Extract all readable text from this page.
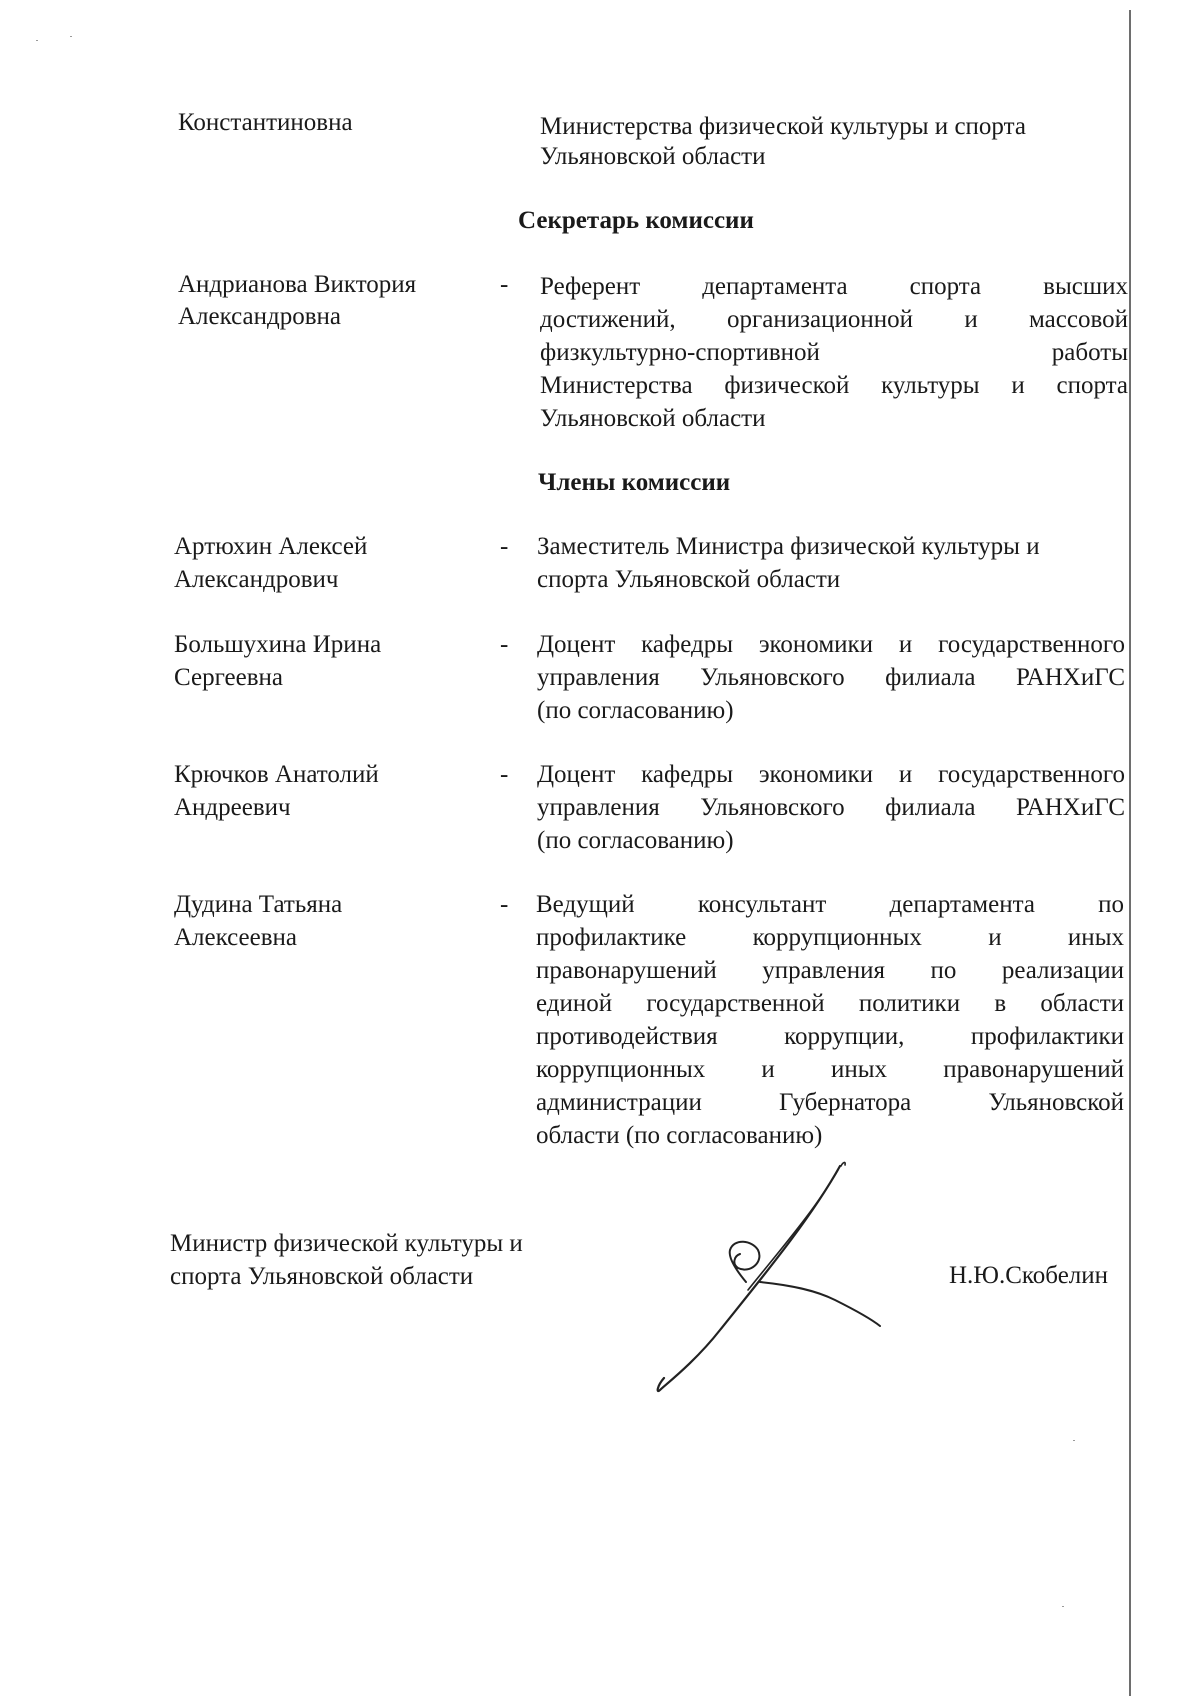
Константиновна	Министерства физической культуры и спорта
Ульяновской области
Секретарь комиссии
Андрианова Виктория
Александровна
- Референт департамента спорта высших
достижений, организационной и массовой
физкультурно-спортивной работы
Министерства физической культуры и спорта
Ульяновской области
Члены комиссии
Артюхин Алексей
Александрович
- Заместитель Министра физической культуры и
спорта Ульяновской области
Большухина Ирина
Сергеевна
- Доцент кафедры экономики и государственного
управления Ульяновского филиала РАНХиГС
(по согласованию)
Крючков Анатолий
Андреевич
- Доцент кафедры экономики и государственного
управления Ульяновского филиала РАНХиГС
(по согласованию)
Дудина Татьяна
Алексеевна
- Ведущий консультант департамента по
профилактике коррупционных и иных
правонарушений управления по реализации
единой государственной политики в области
противодействия коррупции, профилактики
коррупционных и иных правонарушений
администрации Губернатора Ульяновской
области (по согласованию)
Министр физической культуры и
спорта Ульяновской области	Н.Ю.Скобелин
